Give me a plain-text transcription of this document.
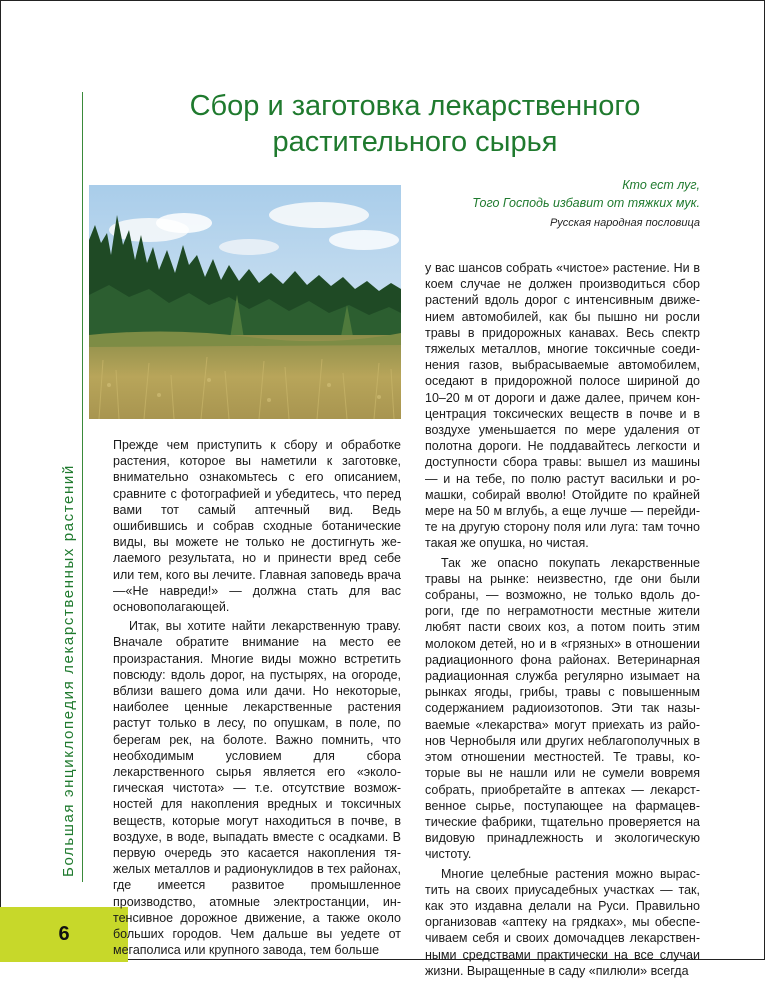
Большая энциклопедия лекарственных растений
6
Сбор и заготовка лекарственного растительного сырья
Кто ест луг,
Того Господь избавит от тяжких мук.
Русская народная пословица

Прежде чем приступить к сбору и обработке растения, которое вы наметили к заготовке, внимательно ознакомьтесь с его описанием, сравните с фотографией и убедитесь, что перед вами тот самый аптечный вид. Ведь ошибившись и собрав сходные ботанические виды, вы можете не только не достигнуть желаемого результата, но и принести вред себе или тем, кого вы лечите. Главная заповедь врача —«Не навреди!» — должна стать для вас основополагающей.

Итак, вы хотите найти лекарственную траву. Вначале обратите внимание на место ее произрастания. Многие виды можно встретить повсюду: вдоль дорог, на пустырях, на огороде, вблизи вашего дома или дачи. Но некоторые, наиболее ценные лекарственные растения растут только в лесу, по опушкам, в поле, по берегам рек, на болоте. Важно помнить, что необходимым условием для сбора лекарственного сырья является его «экологическая чистота» — т.е. отсутствие возможностей для накопления вредных и токсичных веществ, которые могут находиться в почве, в воздухе, в воде, выпадать вместе с осадками. В первую очередь это касается накопления тяжелых металлов и радионуклидов в тех районах, где имеется развитое промышленное производство, атомные электростанции, интенсивное дорожное движение, а также около больших городов. Чем дальше вы уедете от мегаполиса или крупного завода, тем больше

у вас шансов собрать «чистое» растение. Ни в коем случае не должен производиться сбор растений вдоль дорог с интенсивным движением автомобилей, как бы пышно ни росли травы в придорожных канавах. Весь спектр тяжелых металлов, многие токсичные соединения газов, выбрасываемые автомобилем, оседают в придорожной полосе шириной до 10–20 м от дороги и даже далее, причем концентрация токсических веществ в почве и в воздухе уменьшается по мере удаления от полотна дороги. Не поддавайтесь легкости и доступности сбора травы: вышел из машины — и на тебе, по полю растут васильки и ромашки, собирай вволю! Отойдите по крайней мере на 50 м вглубь, а еще лучше — перейдите на другую сторону поля или луга: там точно такая же опушка, но чистая.

Так же опасно покупать лекарственные травы на рынке: неизвестно, где они были собраны, — возможно, не только вдоль дороги, где по неграмотности местные жители любят пасти своих коз, а потом поить этим молоком детей, но и в «грязных» в отношении радиационного фона районах. Ветеринарная радиационная служба регулярно изымает на рынках ягоды, грибы, травы с повышенным содержанием радиоизотопов. Эти так называемые «лекарства» могут приехать из районов Чернобыля или других неблагополучных в этом отношении местностей. Те травы, которые вы не нашли или не сумели вовремя собрать, приобретайте в аптеках — лекарственное сырье, поступающее на фармацевтические фабрики, тщательно проверяется на видовую принадлежность и экологическую чистоту.

Многие целебные растения можно выраcтить на своих приусадебных участках — так, как это издавна делали на Руси. Правильно организовав «аптеку на грядках», мы обеспечиваем себя и своих домочадцев лекарственными средствами практически на все случаи жизни. Выращенные в саду «пилюли» всегда
